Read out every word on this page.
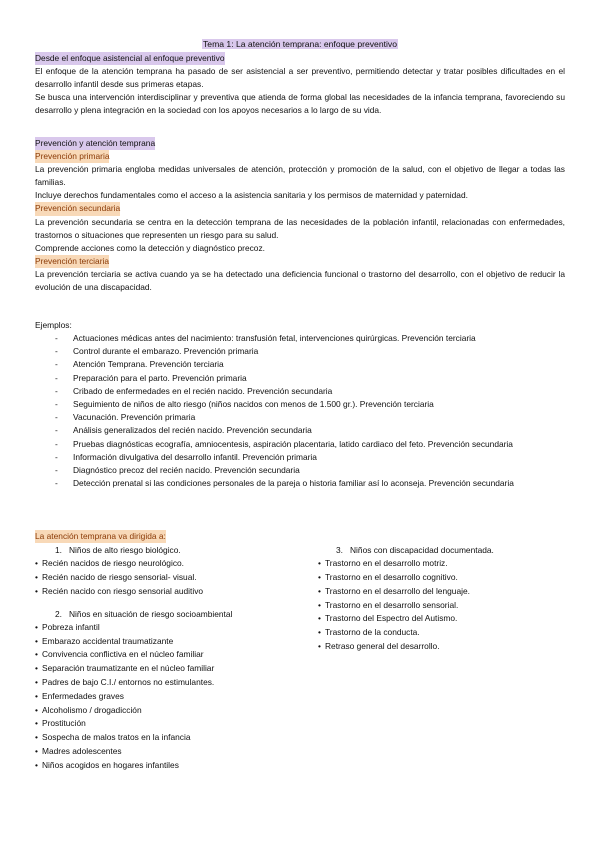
Tema 1: La atención temprana: enfoque preventivo
Desde el enfoque asistencial al enfoque preventivo

El enfoque de la atención temprana ha pasado de ser asistencial a ser preventivo, permitiendo detectar y tratar posibles dificultades en el desarrollo infantil desde sus primeras etapas.

Se busca una intervención interdisciplinar y preventiva que atienda de forma global las necesidades de la infancia temprana, favoreciendo su desarrollo y plena integración en la sociedad con los apoyos necesarios a lo largo de su vida.

Prevención y atención temprana
Prevención primaria

La prevención primaria engloba medidas universales de atención, protección y promoción de la salud, con el objetivo de llegar a todas las familias.

Incluye derechos fundamentales como el acceso a la asistencia sanitaria y los permisos de maternidad y paternidad.

Prevención secundaria

La prevención secundaria se centra en la detección temprana de las necesidades de la población infantil, relacionadas con enfermedades, trastornos o situaciones que representen un riesgo para su salud.

Comprende acciones como la detección y diagnóstico precoz.

Prevención terciaria

La prevención terciaria se activa cuando ya se ha detectado una deficiencia funcional o trastorno del desarrollo, con el objetivo de reducir la evolución de una discapacidad.

Ejemplos:
- Actuaciones médicas antes del nacimiento: transfusión fetal, intervenciones quirúrgicas. Prevención terciaria
- Control durante el embarazo. Prevención primaria
- Atención Temprana. Prevención terciaria
- Preparación para el parto. Prevención primaria
- Cribado de enfermedades en el recién nacido. Prevención secundaria
- Seguimiento de niños de alto riesgo (niños nacidos con menos de 1.500 gr.). Prevención terciaria
- Vacunación. Prevención primaria
- Análisis generalizados del recién nacido. Prevención secundaria
- Pruebas diagnósticas ecografía, amniocentesis, aspiración placentaria, latido cardiaco del feto. Prevención secundaria
- Información divulgativa del desarrollo infantil. Prevención primaria
- Diagnóstico precoz del recién nacido. Prevención secundaria
- Detección prenatal si las condiciones personales de la pareja o historia familiar así lo aconseja. Prevención secundaria
La atención temprana va dirigida a:
1. Niños de alto riesgo biológico.
• Recién nacidos de riesgo neurológico.
• Recién nacido de riesgo sensorial- visual.
• Recién nacido con riesgo sensorial auditivo
2. Niños en situación de riesgo socioambiental
• Pobreza infantil
• Embarazo accidental traumatizante
• Convivencia conflictiva en el núcleo familiar
• Separación traumatizante en el núcleo familiar
• Padres de bajo C.I./ entornos no estimulantes.
• Enfermedades graves
• Alcoholismo / drogadicción
• Prostitución
• Sospecha de malos tratos en la infancia
• Madres adolescentes
• Niños acogidos en hogares infantiles
3. Niños con discapacidad documentada.
• Trastorno en el desarrollo motriz.
• Trastorno en el desarrollo cognitivo.
• Trastorno en el desarrollo del lenguaje.
• Trastorno en el desarrollo sensorial.
• Trastorno del Espectro del Autismo.
• Trastorno de la conducta.
• Retraso general del desarrollo.
